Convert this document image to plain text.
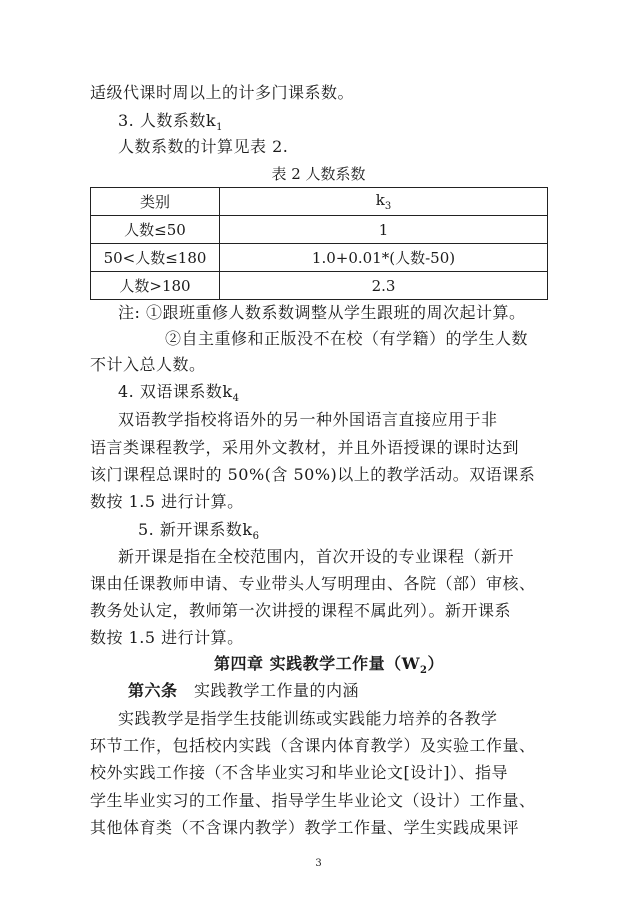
适级代课时周以上的计多门课系数。
3. 人数系数$k_1$
人数系数的计算见表 2.
表 2 人数系数
类别	$k_3$
人数≤50	1
50<人数≤180	1.0+0.01*(人数-50)
人数>180	2.3
注: ①跟班重修人数系数调整从学生跟班的周次起计算。
②自主重修和正版没不在校（有学籍）的学生人数
不计入总人数。
4. 双语课系数$k_4$
双语教学指校将语外的另一种外国语言直接应用于非
语言类课程教学，采用外文教材，并且外语授课的课时达到
该门课程总课时的 50%(含 50%)以上的教学活动。双语课系
数按 1.5 进行计算。
5. 新开课系数$k_6$
新开课是指在全校范围内，首次开设的专业课程（新开
课由任课教师申请、专业带头人写明理由、各院（部）审核、
教务处认定，教师第一次讲授的课程不属此列）。新开课系
数按 1.5 进行计算。
第四章 实践教学工作量$(W_2)$
第六条　 实践教学工作量的内涵
实践教学是指学生技能训练或实践能力培养的各教学
环节工作，包括校内实践（含课内体育教学）及实验工作量、
校外实践工作接（不含毕业实习和毕业论文[设计]）、指导
学生毕业实习的工作量、指导学生毕业论文（设计）工作量、
其他体育类（不含课内教学）教学工作量、学生实践成果评
3
